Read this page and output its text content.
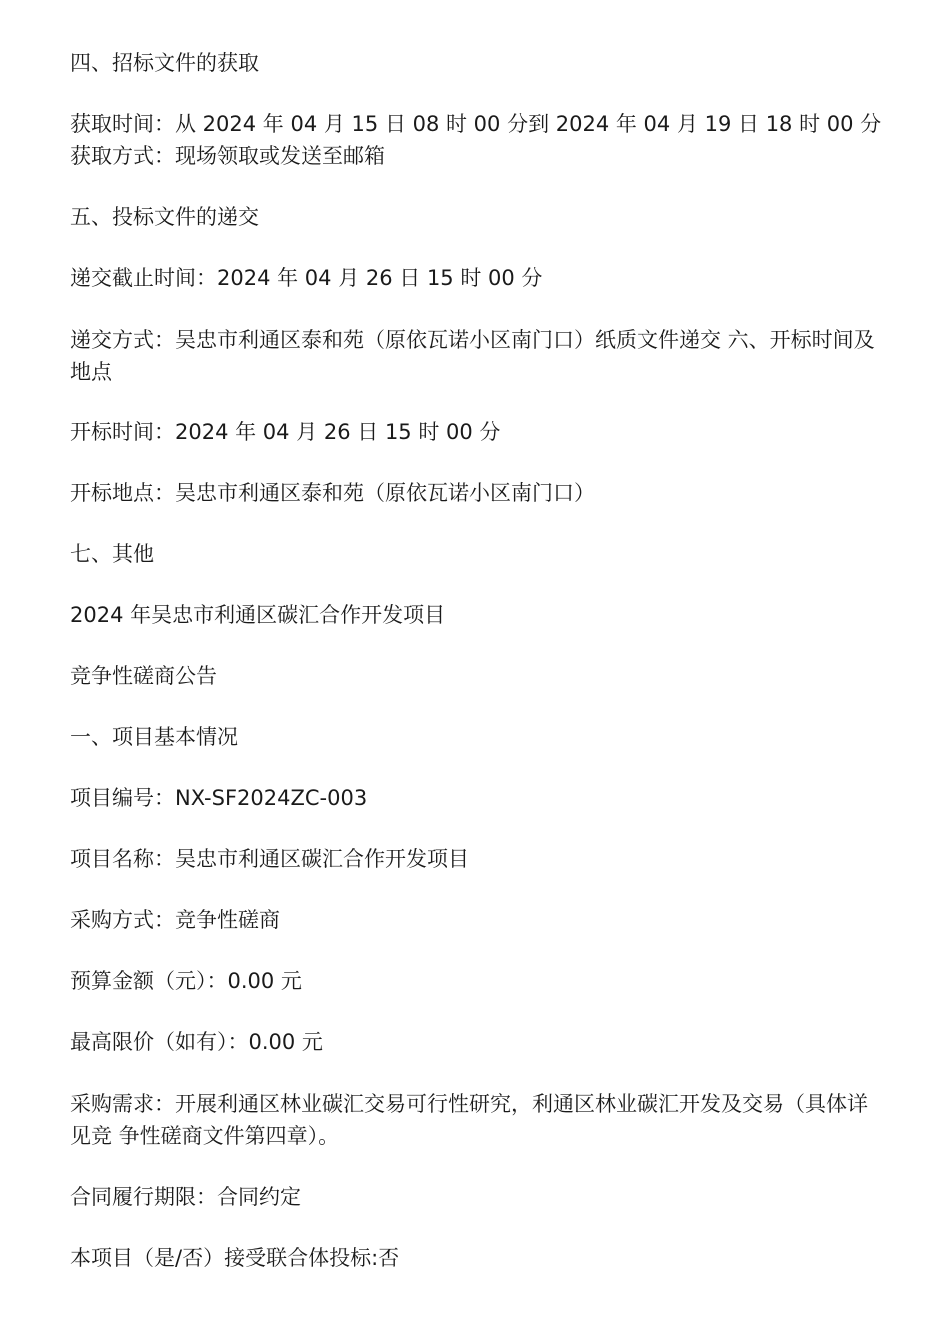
四、招标文件的获取

获取时间：从 2024 年 04 月 15 日 08 时 00 分到 2024 年 04 月 19 日 18 时 00 分

获取方式：现场领取或发送至邮箱

五、投标文件的递交

递交截止时间：2024 年 04 月 26 日 15 时 00 分

递交方式：吴忠市利通区泰和苑（原依瓦诺小区南门口）纸质文件递交 六、开标时间及地点

开标时间：2024 年 04 月 26 日 15 时 00 分

开标地点：吴忠市利通区泰和苑（原依瓦诺小区南门口）

七、其他

2024 年吴忠市利通区碳汇合作开发项目

竞争性磋商公告

一、项目基本情况

项目编号：NX-SF2024ZC-003

项目名称：吴忠市利通区碳汇合作开发项目

采购方式：竞争性磋商

预算金额（元）：0.00 元

最高限价（如有）：0.00 元

采购需求：开展利通区林业碳汇交易可行性研究，利通区林业碳汇开发及交易（具体详见竞 争性磋商文件第四章）。

合同履行期限：合同约定

本项目（是/否）接受联合体投标:否
